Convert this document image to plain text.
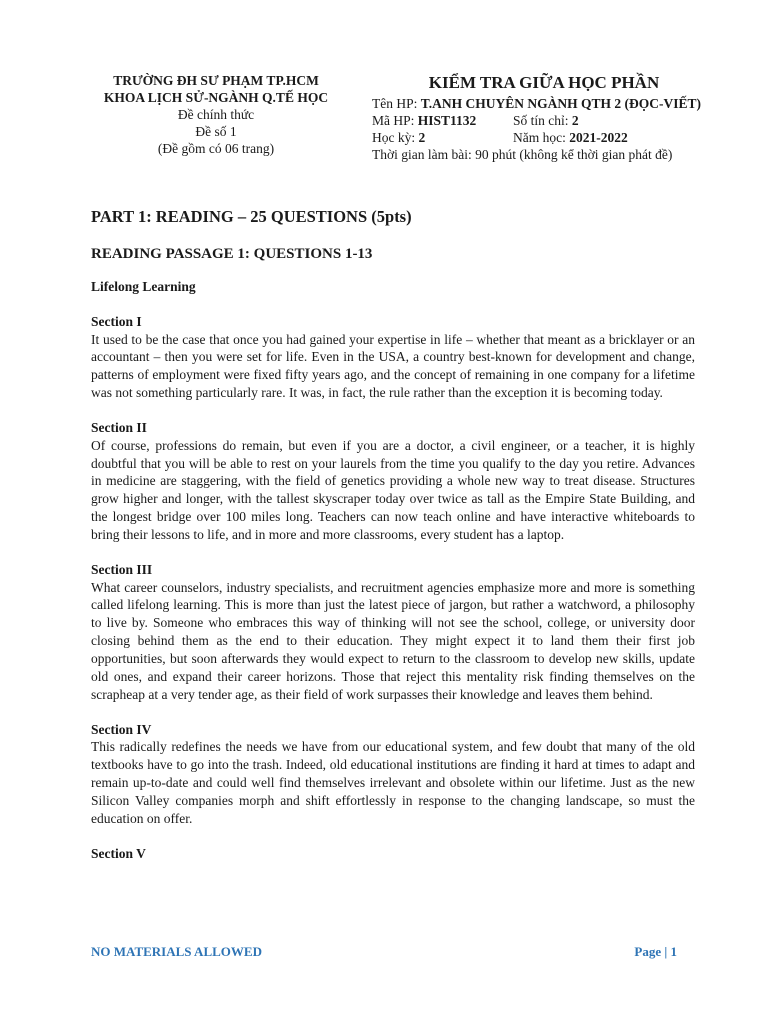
TRƯỜNG ĐH SƯ PHẠM TP.HCM
KHOA LỊCH SỬ-NGÀNH Q.TẾ HỌC
Đề chính thức
Đề số 1
(Đề gồm có 06 trang)
KIỂM TRA GIỮA HỌC PHẦN
Tên HP: T.ANH CHUYÊN NGÀNH QTH 2 (ĐỌC-VIẾT)
Mã HP: HIST1132	Số tín chỉ: 2
Học kỳ: 2	Năm học: 2021-2022
Thời gian làm bài: 90 phút (không kể thời gian phát đề)
PART 1: READING – 25 QUESTIONS (5pts)
READING PASSAGE 1: QUESTIONS 1-13
Lifelong Learning
Section I

It used to be the case that once you had gained your expertise in life – whether that meant as a bricklayer or an accountant – then you were set for life. Even in the USA, a country best-known for development and change, patterns of employment were fixed fifty years ago, and the concept of remaining in one company for a lifetime was not something particularly rare. It was, in fact, the rule rather than the exception it is becoming today.

Section II

Of course, professions do remain, but even if you are a doctor, a civil engineer, or a teacher, it is highly doubtful that you will be able to rest on your laurels from the time you qualify to the day you retire. Advances in medicine are staggering, with the field of genetics providing a whole new way to treat disease. Structures grow higher and longer, with the tallest skyscraper today over twice as tall as the Empire State Building, and the longest bridge over 100 miles long. Teachers can now teach online and have interactive whiteboards to bring their lessons to life, and in more and more classrooms, every student has a laptop.

Section III

What career counselors, industry specialists, and recruitment agencies emphasize more and more is something called lifelong learning. This is more than just the latest piece of jargon, but rather a watchword, a philosophy to live by. Someone who embraces this way of thinking will not see the school, college, or university door closing behind them as the end to their education. They might expect it to land them their first job opportunities, but soon afterwards they would expect to return to the classroom to develop new skills, update old ones, and expand their career horizons. Those that reject this mentality risk finding themselves on the scrapheap at a very tender age, as their field of work surpasses their knowledge and leaves them behind.

Section IV

This radically redefines the needs we have from our educational system, and few doubt that many of the old textbooks have to go into the trash. Indeed, old educational institutions are finding it hard at times to adapt and remain up-to-date and could well find themselves irrelevant and obsolete within our lifetime. Just as the new Silicon Valley companies morph and shift effortlessly in response to the changing landscape, so must the education on offer.

Section V
NO MATERIALS ALLOWED	Page | 1
